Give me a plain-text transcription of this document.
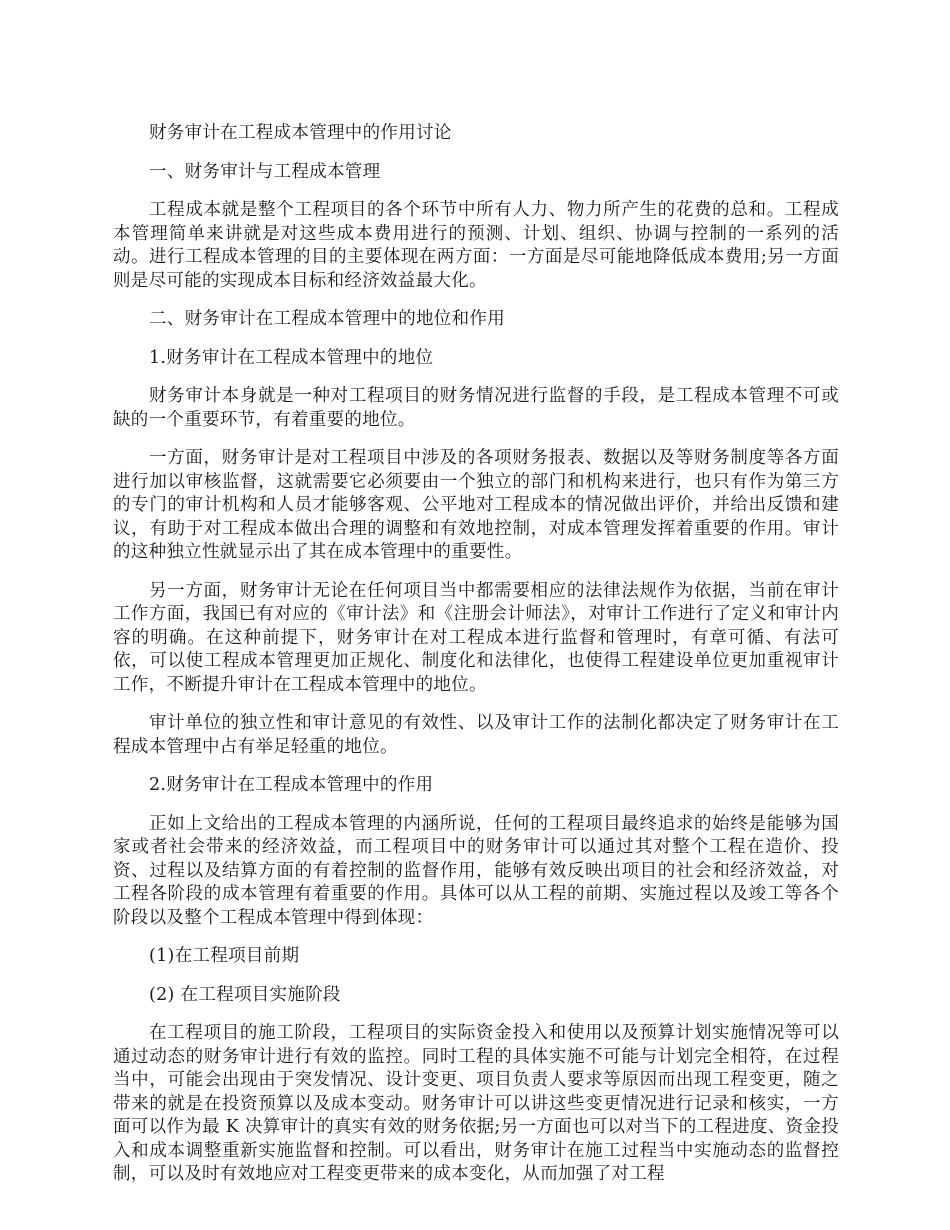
财务审计在工程成本管理中的作用讨论

一、财务审计与工程成本管理

工程成本就是整个工程项目的各个环节中所有人力、物力所产生的花费的总和。工程成本管理简单来讲就是对这些成本费用进行的预测、计划、组织、协调与控制的一系列的活动。进行工程成本管理的目的主要体现在两方面：一方面是尽可能地降低成本费用;另一方面则是尽可能的实现成本目标和经济效益最大化。

二、财务审计在工程成本管理中的地位和作用

1.财务审计在工程成本管理中的地位

财务审计本身就是一种对工程项目的财务情况进行监督的手段，是工程成本管理不可或缺的一个重要环节，有着重要的地位。

一方面，财务审计是对工程项目中涉及的各项财务报表、数据以及等财务制度等各方面进行加以审核监督，这就需要它必须要由一个独立的部门和机构来进行，也只有作为第三方的专门的审计机构和人员才能够客观、公平地对工程成本的情况做出评价，并给出反馈和建议，有助于对工程成本做出合理的调整和有效地控制，对成本管理发挥着重要的作用。审计的这种独立性就显示出了其在成本管理中的重要性。

另一方面，财务审计无论在任何项目当中都需要相应的法律法规作为依据，当前在审计工作方面，我国已有对应的《审计法》和《注册会计师法》，对审计工作进行了定义和审计内容的明确。在这种前提下，财务审计在对工程成本进行监督和管理时，有章可循、有法可依，可以使工程成本管理更加正规化、制度化和法律化，也使得工程建设单位更加重视审计工作，不断提升审计在工程成本管理中的地位。

审计单位的独立性和审计意见的有效性、以及审计工作的法制化都决定了财务审计在工程成本管理中占有举足轻重的地位。

2.财务审计在工程成本管理中的作用

正如上文给出的工程成本管理的内涵所说，任何的工程项目最终追求的始终是能够为国家或者社会带来的经济效益，而工程项目中的财务审计可以通过其对整个工程在造价、投资、过程以及结算方面的有着控制的监督作用，能够有效反映出项目的社会和经济效益，对工程各阶段的成本管理有着重要的作用。具体可以从工程的前期、实施过程以及竣工等各个阶段以及整个工程成本管理中得到体现：

(1)在工程项目前期

(2) 在工程项目实施阶段

在工程项目的施工阶段，工程项目的实际资金投入和使用以及预算计划实施情况等可以通过动态的财务审计进行有效的监控。同时工程的具体实施不可能与计划完全相符，在过程当中，可能会出现由于突发情况、设计变更、项目负责人要求等原因而出现工程变更，随之带来的就是在投资预算以及成本变动。财务审计可以讲这些变更情况进行记录和核实，一方面可以作为最 K 决算审计的真实有效的财务依据;另一方面也可以对当下的工程进度、资金投入和成本调整重新实施监督和控制。可以看出，财务审计在施工过程当中实施动态的监督控制，可以及时有效地应对工程变更带来的成本变化，从而加强了对工程
